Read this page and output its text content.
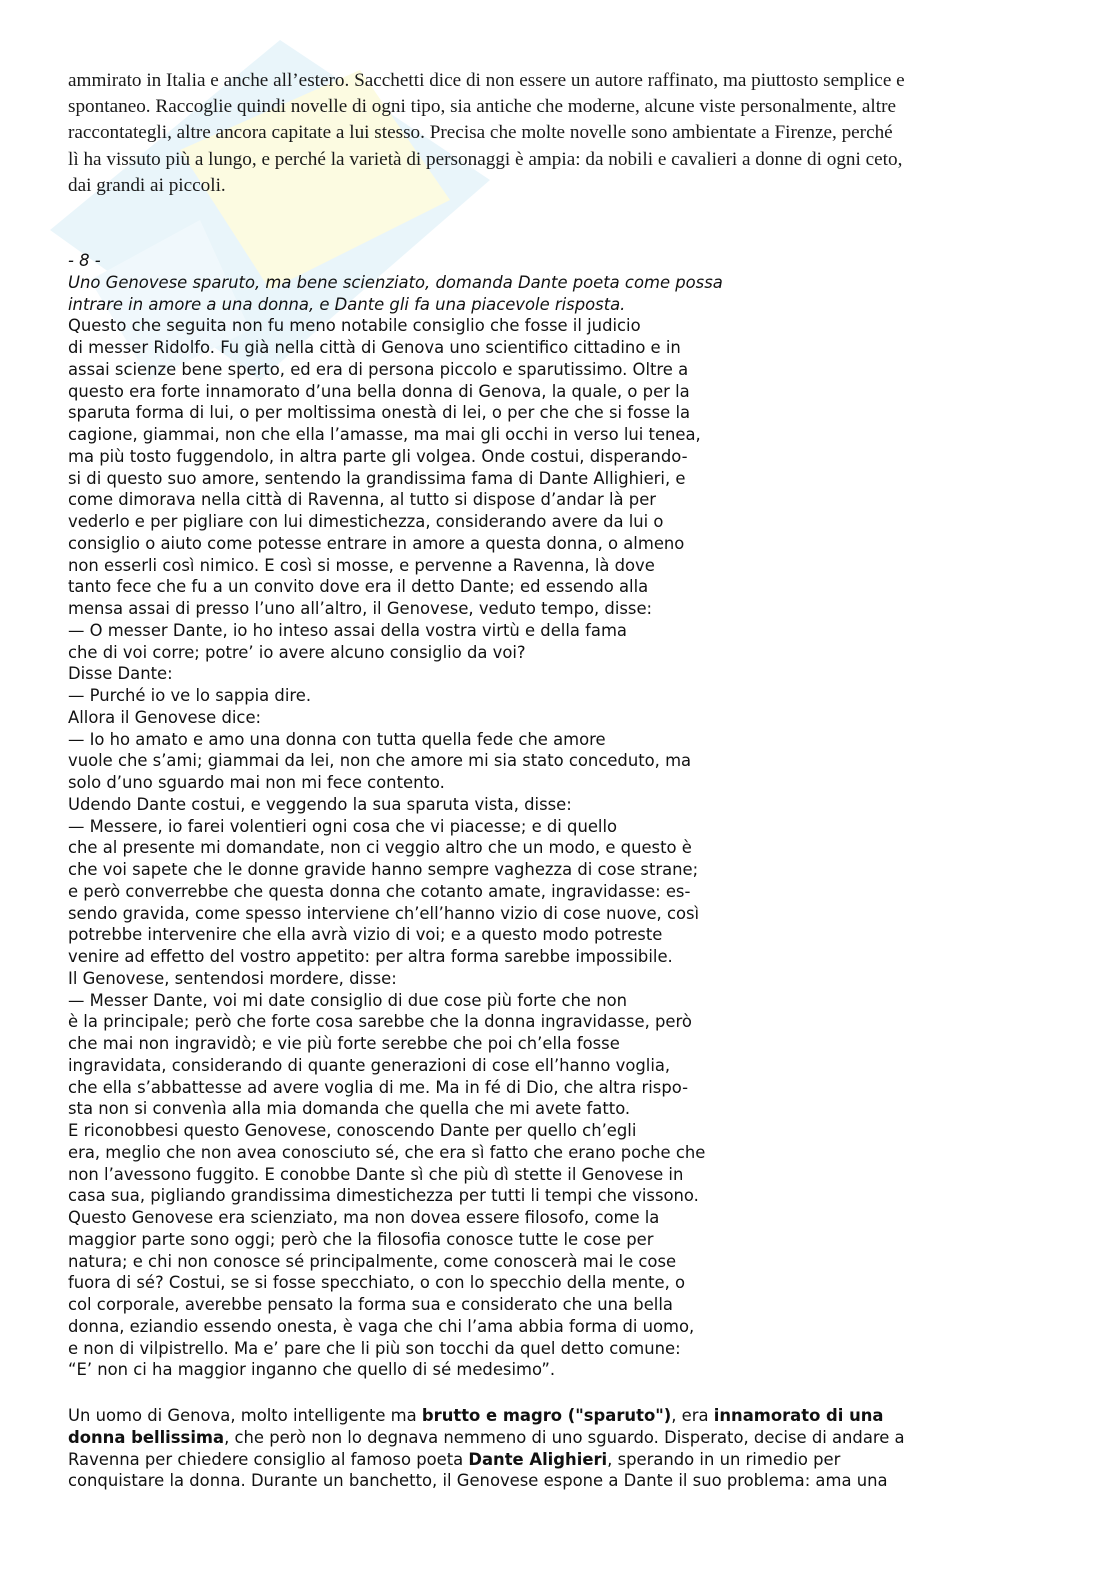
ammirato in Italia e anche all’estero. Sacchetti dice di non essere un autore raffinato, ma piuttosto semplice e
spontaneo. Raccoglie quindi novelle di ogni tipo, sia antiche che moderne, alcune viste personalmente, altre
raccontategli, altre ancora capitate a lui stesso. Precisa che molte novelle sono ambientate a Firenze, perché
lì ha vissuto più a lungo, e perché la varietà di personaggi è ampia: da nobili e cavalieri a donne di ogni ceto,
dai grandi ai piccoli.
- 8 -
Uno Genovese sparuto, ma bene scienziato, domanda Dante poeta come possa
intrare in amore a una donna, e Dante gli fa una piacevole risposta.
Questo che seguita non fu meno notabile consiglio che fosse il judicio
di messer Ridolfo. Fu già nella città di Genova uno scientifico cittadino e in
assai scienze bene sperto, ed era di persona piccolo e sparutissimo. Oltre a
questo era forte innamorato d’una bella donna di Genova, la quale, o per la
sparuta forma di lui, o per moltissima onestà di lei, o per che che si fosse la
cagione, giammai, non che ella l’amasse, ma mai gli occhi in verso lui tenea,
ma più tosto fuggendolo, in altra parte gli volgea. Onde costui, disperando-
si di questo suo amore, sentendo la grandissima fama di Dante Allighieri, e
come dimorava nella città di Ravenna, al tutto si dispose d’andar là per
vederlo e per pigliare con lui dimestichezza, considerando avere da lui o
consiglio o aiuto come potesse entrare in amore a questa donna, o almeno
non esserli così nimico. E così si mosse, e pervenne a Ravenna, là dove
tanto fece che fu a un convito dove era il detto Dante; ed essendo alla
mensa assai di presso l’uno all’altro, il Genovese, veduto tempo, disse:
— O messer Dante, io ho inteso assai della vostra virtù e della fama
che di voi corre; potre’ io avere alcuno consiglio da voi?
Disse Dante:
— Purché io ve lo sappia dire.
Allora il Genovese dice:
— Io ho amato e amo una donna con tutta quella fede che amore
vuole che s’ami; giammai da lei, non che amore mi sia stato conceduto, ma
solo d’uno sguardo mai non mi fece contento.
Udendo Dante costui, e veggendo la sua sparuta vista, disse:
— Messere, io farei volentieri ogni cosa che vi piacesse; e di quello
che al presente mi domandate, non ci veggio altro che un modo, e questo è
che voi sapete che le donne gravide hanno sempre vaghezza di cose strane;
e però converrebbe che questa donna che cotanto amate, ingravidasse: es-
sendo gravida, come spesso interviene ch’ell’hanno vizio di cose nuove, così
potrebbe intervenire che ella avrà vizio di voi; e a questo modo potreste
venire ad effetto del vostro appetito: per altra forma sarebbe impossibile.
Il Genovese, sentendosi mordere, disse:
— Messer Dante, voi mi date consiglio di due cose più forte che non
è la principale; però che forte cosa sarebbe che la donna ingravidasse, però
che mai non ingravidò; e vie più forte serebbe che poi ch’ella fosse
ingravidata, considerando di quante generazioni di cose ell’hanno voglia,
che ella s’abbattesse ad avere voglia di me. Ma in fé di Dio, che altra rispo-
sta non si convenìa alla mia domanda che quella che mi avete fatto.
E riconobbesi questo Genovese, conoscendo Dante per quello ch’egli
era, meglio che non avea conosciuto sé, che era sì fatto che erano poche che
non l’avessono fuggito. E conobbe Dante sì che più dì stette il Genovese in
casa sua, pigliando grandissima dimestichezza per tutti li tempi che vissono.
Questo Genovese era scienziato, ma non dovea essere filosofo, come la
maggior parte sono oggi; però che la filosofia conosce tutte le cose per
natura; e chi non conosce sé principalmente, come conoscerà mai le cose
fuora di sé? Costui, se si fosse specchiato, o con lo specchio della mente, o
col corporale, averebbe pensato la forma sua e considerato che una bella
donna, eziandio essendo onesta, è vaga che chi l’ama abbia forma di uomo,
e non di vilpistrello. Ma e’ pare che li più son tocchi da quel detto comune:
“E’ non ci ha maggior inganno che quello di sé medesimo”.
Un uomo di Genova, molto intelligente ma brutto e magro ("sparuto"), era innamorato di una
donna bellissima, che però non lo degnava nemmeno di uno sguardo. Disperato, decise di andare a
Ravenna per chiedere consiglio al famoso poeta Dante Alighieri, sperando in un rimedio per
conquistare la donna. Durante un banchetto, il Genovese espone a Dante il suo problema: ama una
